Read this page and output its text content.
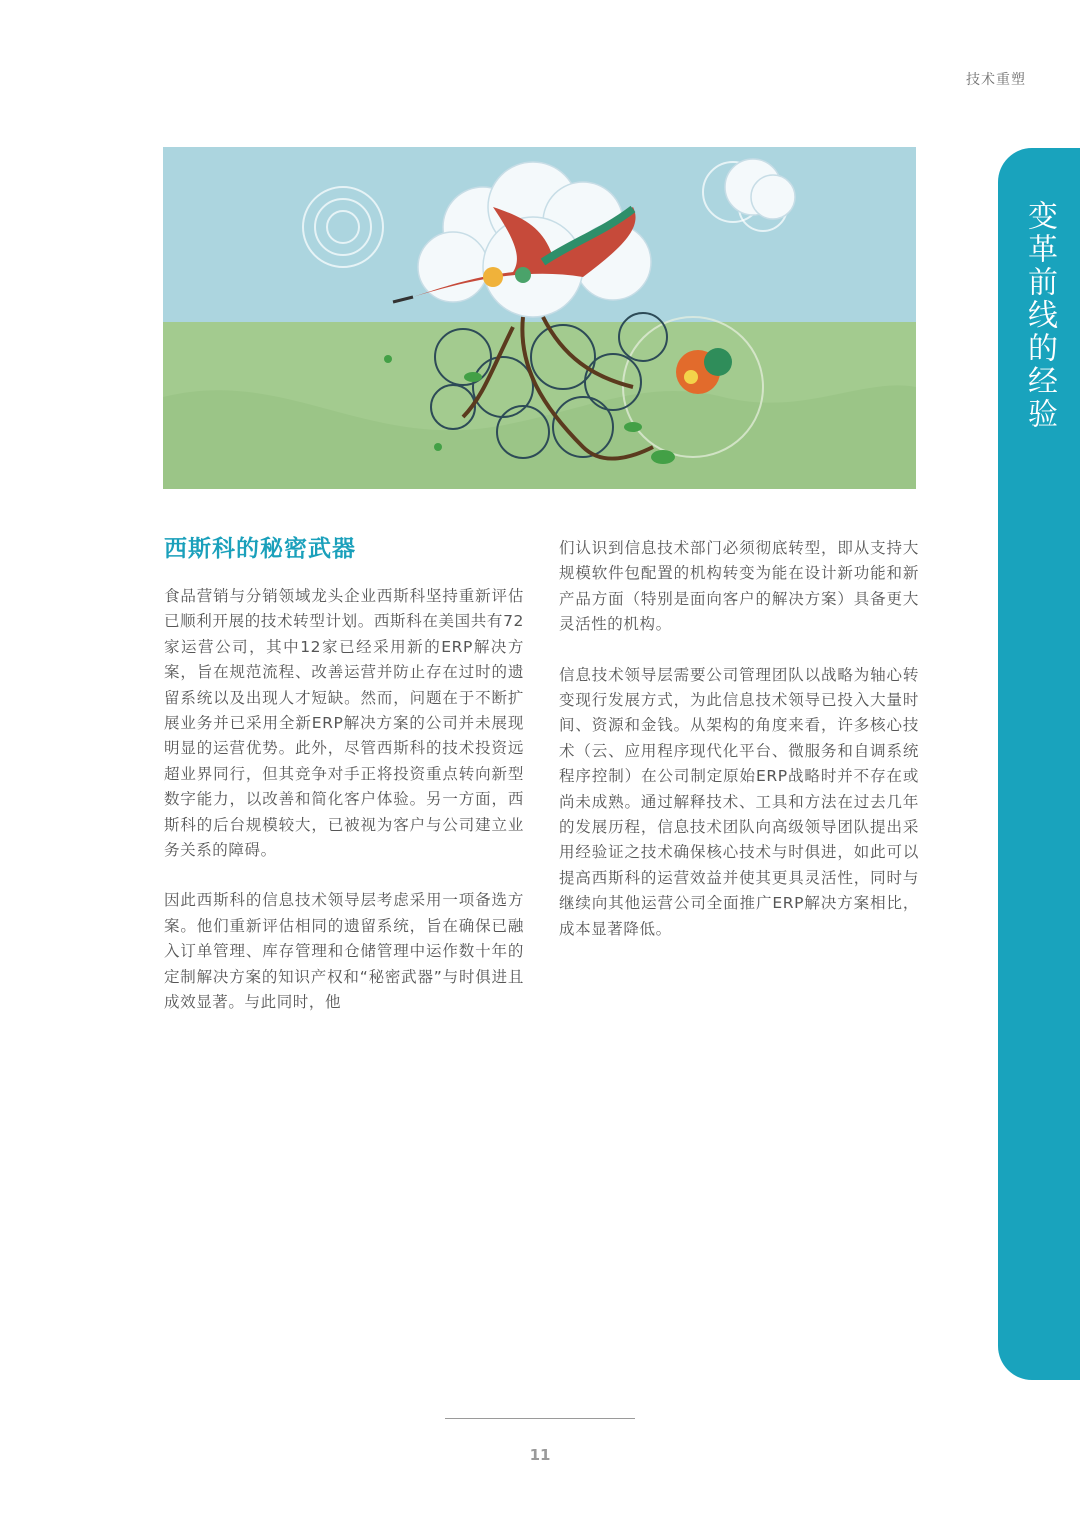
技术重塑
变革前线的经验
西斯科的秘密武器

食品营销与分销领域龙头企业西斯科坚持重新评估已顺利开展的技术转型计划。西斯科在美国共有72家运营公司，其中12家已经采用新的ERP解决方案，旨在规范流程、改善运营并防止存在过时的遗留系统以及出现人才短缺。然而，问题在于不断扩展业务并已采用全新ERP解决方案的公司并未展现明显的运营优势。此外，尽管西斯科的技术投资远超业界同行，但其竞争对手正将投资重点转向新型数字能力，以改善和简化客户体验。另一方面，西斯科的后台规模较大，已被视为客户与公司建立业务关系的障碍。

因此西斯科的信息技术领导层考虑采用一项备选方案。他们重新评估相同的遗留系统，旨在确保已融入订单管理、库存管理和仓储管理中运作数十年的定制解决方案的知识产权和“秘密武器”与时俱进且成效显著。与此同时，他

们认识到信息技术部门必须彻底转型，即从支持大规模软件包配置的机构转变为能在设计新功能和新产品方面（特别是面向客户的解决方案）具备更大灵活性的机构。

信息技术领导层需要公司管理团队以战略为轴心转变现行发展方式，为此信息技术领导已投入大量时间、资源和金钱。从架构的角度来看，许多核心技术（云、应用程序现代化平台、微服务和自调系统程序控制）在公司制定原始ERP战略时并不存在或尚未成熟。通过解释技术、工具和方法在过去几年的发展历程，信息技术团队向高级领导团队提出采用经验证之技术确保核心技术与时俱进，如此可以提高西斯科的运营效益并使其更具灵活性，同时与继续向其他运营公司全面推广ERP解决方案相比，成本显著降低。

11
